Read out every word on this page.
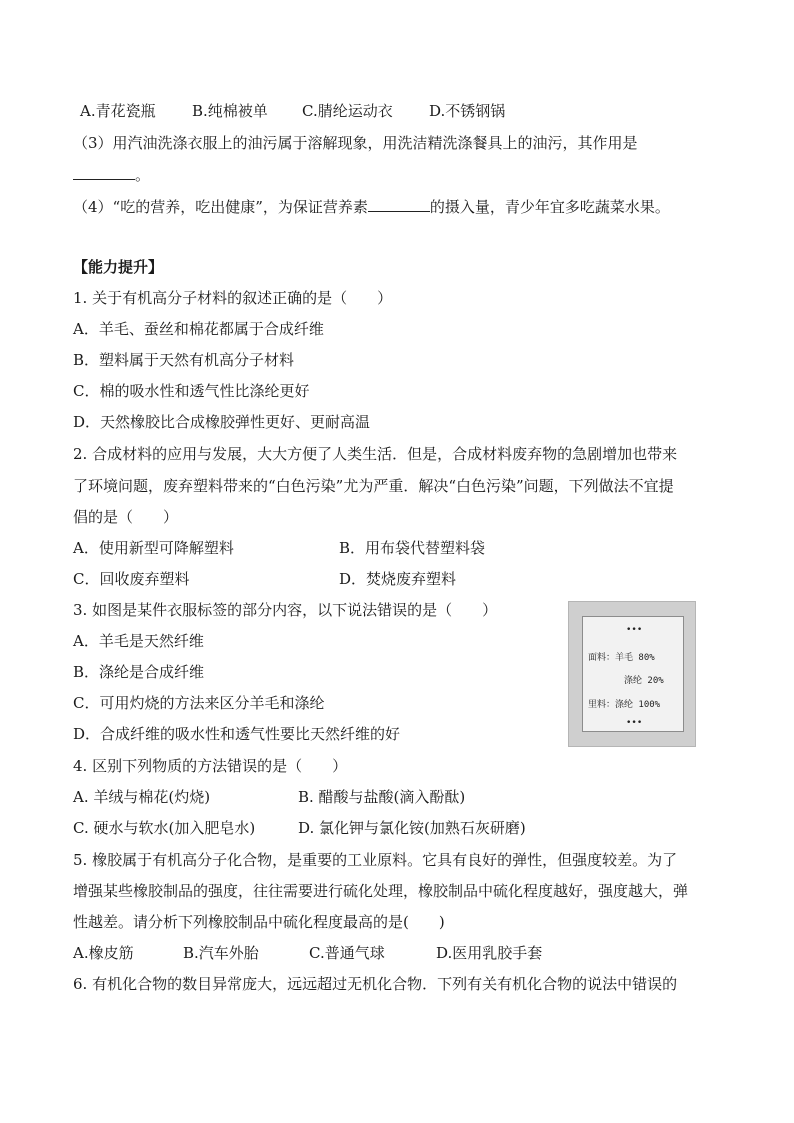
A.青花瓷瓶 B.纯棉被单 C.腈纶运动衣 D.不锈钢锅
（3）用汽油洗涤衣服上的油污属于溶解现象，用洗洁精洗涤餐具上的油污，其作用是
。
（4）“吃的营养，吃出健康”，为保证营养素	的摄入量，青少年宜多吃蔬菜水果。
【能力提升】
1. 关于有机高分子材料的叙述正确的是（　　）
A．羊毛、蚕丝和棉花都属于合成纤维
B．塑料属于天然有机高分子材料
C．棉的吸水性和透气性比涤纶更好
D．天然橡胶比合成橡胶弹性更好、更耐高温
2. 合成材料的应用与发展，大大方便了人类生活．但是，合成材料废弃物的急剧增加也带来
了环境问题，废弃塑料带来的“白色污染”尤为严重．解决“白色污染”问题，下列做法不宜提
倡的是（　　）
A．使用新型可降解塑料	B．用布袋代替塑料袋
C．回收废弃塑料	D．焚烧废弃塑料
3. 如图是某件衣服标签的部分内容，以下说法错误的是（　　）
A．羊毛是天然纤维
B．涤纶是合成纤维
C．可用灼烧的方法来区分羊毛和涤纶
D．合成纤维的吸水性和透气性要比天然纤维的好
•••
面料：羊毛 80%
涤纶 20%
里料：涤纶 100%
•••
4. 区别下列物质的方法错误的是（　　）
A. 羊绒与棉花(灼烧)	B. 醋酸与盐酸(滴入酚酞)
C. 硬水与软水(加入肥皂水)	D. 氯化钾与氯化铵(加熟石灰研磨)
5. 橡胶属于有机高分子化合物，是重要的工业原料。它具有良好的弹性，但强度较差。为了
增强某些橡胶制品的强度，往往需要进行硫化处理，橡胶制品中硫化程度越好，强度越大，弹
性越差。请分析下列橡胶制品中硫化程度最高的是(　　)
A.橡皮筋	B.汽车外胎	C.普通气球	D.医用乳胶手套
6. 有机化合物的数目异常庞大，远远超过无机化合物．下列有关有机化合物的说法中错误的
